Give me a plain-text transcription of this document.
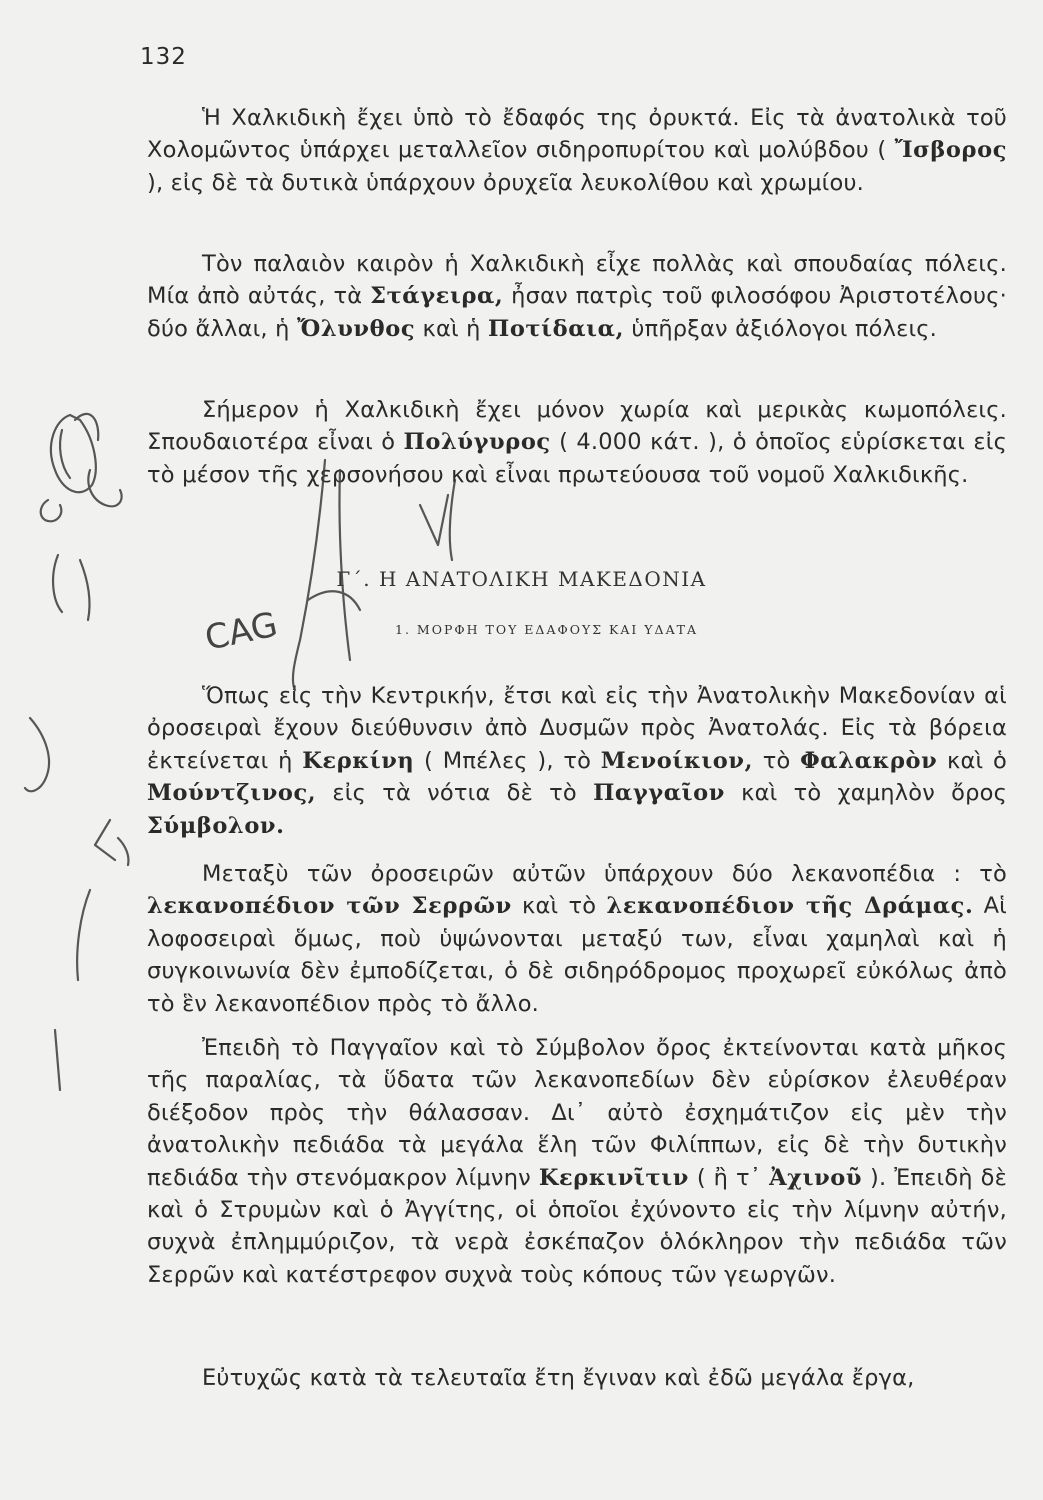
132
Ἡ Χαλκιδικὴ ἔχει ὑπὸ τὸ ἔδαφός της ὀρυκτά. Εἰς τὰ ἀνατολικὰ τοῦ Χολομῶντος ὑπάρχει μεταλλεῖον σιδηροπυρίτου καὶ μολύβδου ( Ἴσβορος ), εἰς δὲ τὰ δυτικὰ ὑπάρχουν ὀρυχεῖα λευκολίθου καὶ χρωμίου.
Τὸν παλαιὸν καιρὸν ἡ Χαλκιδικὴ εἶχε πολλὰς καὶ σπουδαίας πόλεις. Μία ἀπὸ αὐτάς, τὰ Στάγειρα, ἦσαν πατρὶς τοῦ φιλοσόφου Ἀριστοτέλους· δύο ἄλλαι, ἡ Ὄλυνθος καὶ ἡ Ποτίδαια, ὑπῆρξαν ἀξιόλογοι πόλεις.
Σήμερον ἡ Χαλκιδικὴ ἔχει μόνον χωρία καὶ μερικὰς κωμοπόλεις. Σπουδαιοτέρα εἶναι ὁ Πολύγυρος ( 4.000 κάτ. ), ὁ ὁποῖος εὑρίσκεται εἰς τὸ μέσον τῆς χερσονήσου καὶ εἶναι πρωτεύουσα τοῦ νομοῦ Χαλκιδικῆς.
Γ΄. Η ΑΝΑΤΟΛΙΚΗ ΜΑΚΕΔΟΝΙΑ
1. ΜΟΡΦΗ ΤΟΥ ΕΔΑΦΟΥΣ ΚΑΙ ΥΔΑΤΑ
Ὅπως εἰς τὴν Κεντρικήν, ἔτσι καὶ εἰς τὴν Ἀνατολικὴν Μακεδονίαν αἱ ὀροσειραὶ ἔχουν διεύθυνσιν ἀπὸ Δυσμῶν πρὸς Ἀνατολάς. Εἰς τὰ βόρεια ἐκτείνεται ἡ Κερκίνη ( Μπέλες ), τὸ Μενοίκιον, τὸ Φαλακρὸν καὶ ὁ Μούντζινος, εἰς τὰ νότια δὲ τὸ Παγγαῖον καὶ τὸ χαμηλὸν ὄρος Σύμβολον.
Μεταξὺ τῶν ὀροσειρῶν αὐτῶν ὑπάρχουν δύο λεκανοπέδια : τὸ λεκανοπέδιον τῶν Σερρῶν καὶ τὸ λεκανοπέδιον τῆς Δράμας. Αἱ λοφοσειραὶ ὅμως, ποὺ ὑψώνονται μεταξύ των, εἶναι χαμηλαὶ καὶ ἡ συγκοινωνία δὲν ἐμποδίζεται, ὁ δὲ σιδηρόδρομος προχωρεῖ εὐκόλως ἀπὸ τὸ ἓν λεκανοπέδιον πρὸς τὸ ἄλλο.
Ἐπειδὴ τὸ Παγγαῖον καὶ τὸ Σύμβολον ὄρος ἐκτείνονται κατὰ μῆκος τῆς παραλίας, τὰ ὕδατα τῶν λεκανοπεδίων δὲν εὑρίσκον ἐλευθέραν διέξοδον πρὸς τὴν θάλασσαν. Δι᾽ αὐτὸ ἐσχημάτιζον εἰς μὲν τὴν ἀνατολικὴν πεδιάδα τὰ μεγάλα ἕλη τῶν Φιλίππων, εἰς δὲ τὴν δυτικὴν πεδιάδα τὴν στενόμακρον λίμνην Κερκινῖτιν ( ἢ τ᾽ Ἀχινοῦ ). Ἐπειδὴ δὲ καὶ ὁ Στρυμὼν καὶ ὁ Ἀγγίτης, οἱ ὁποῖοι ἐχύνοντο εἰς τὴν λίμνην αὐτήν, συχνὰ ἐπλημμύριζον, τὰ νερὰ ἐσκέπαζον ὁλόκληρον τὴν πεδιάδα τῶν Σερρῶν καὶ κατέστρεφον συχνὰ τοὺς κόπους τῶν γεωργῶν.
Εὐτυχῶς κατὰ τὰ τελευταῖα ἔτη ἔγιναν καὶ ἐδῶ μεγάλα ἔργα,
CAG
